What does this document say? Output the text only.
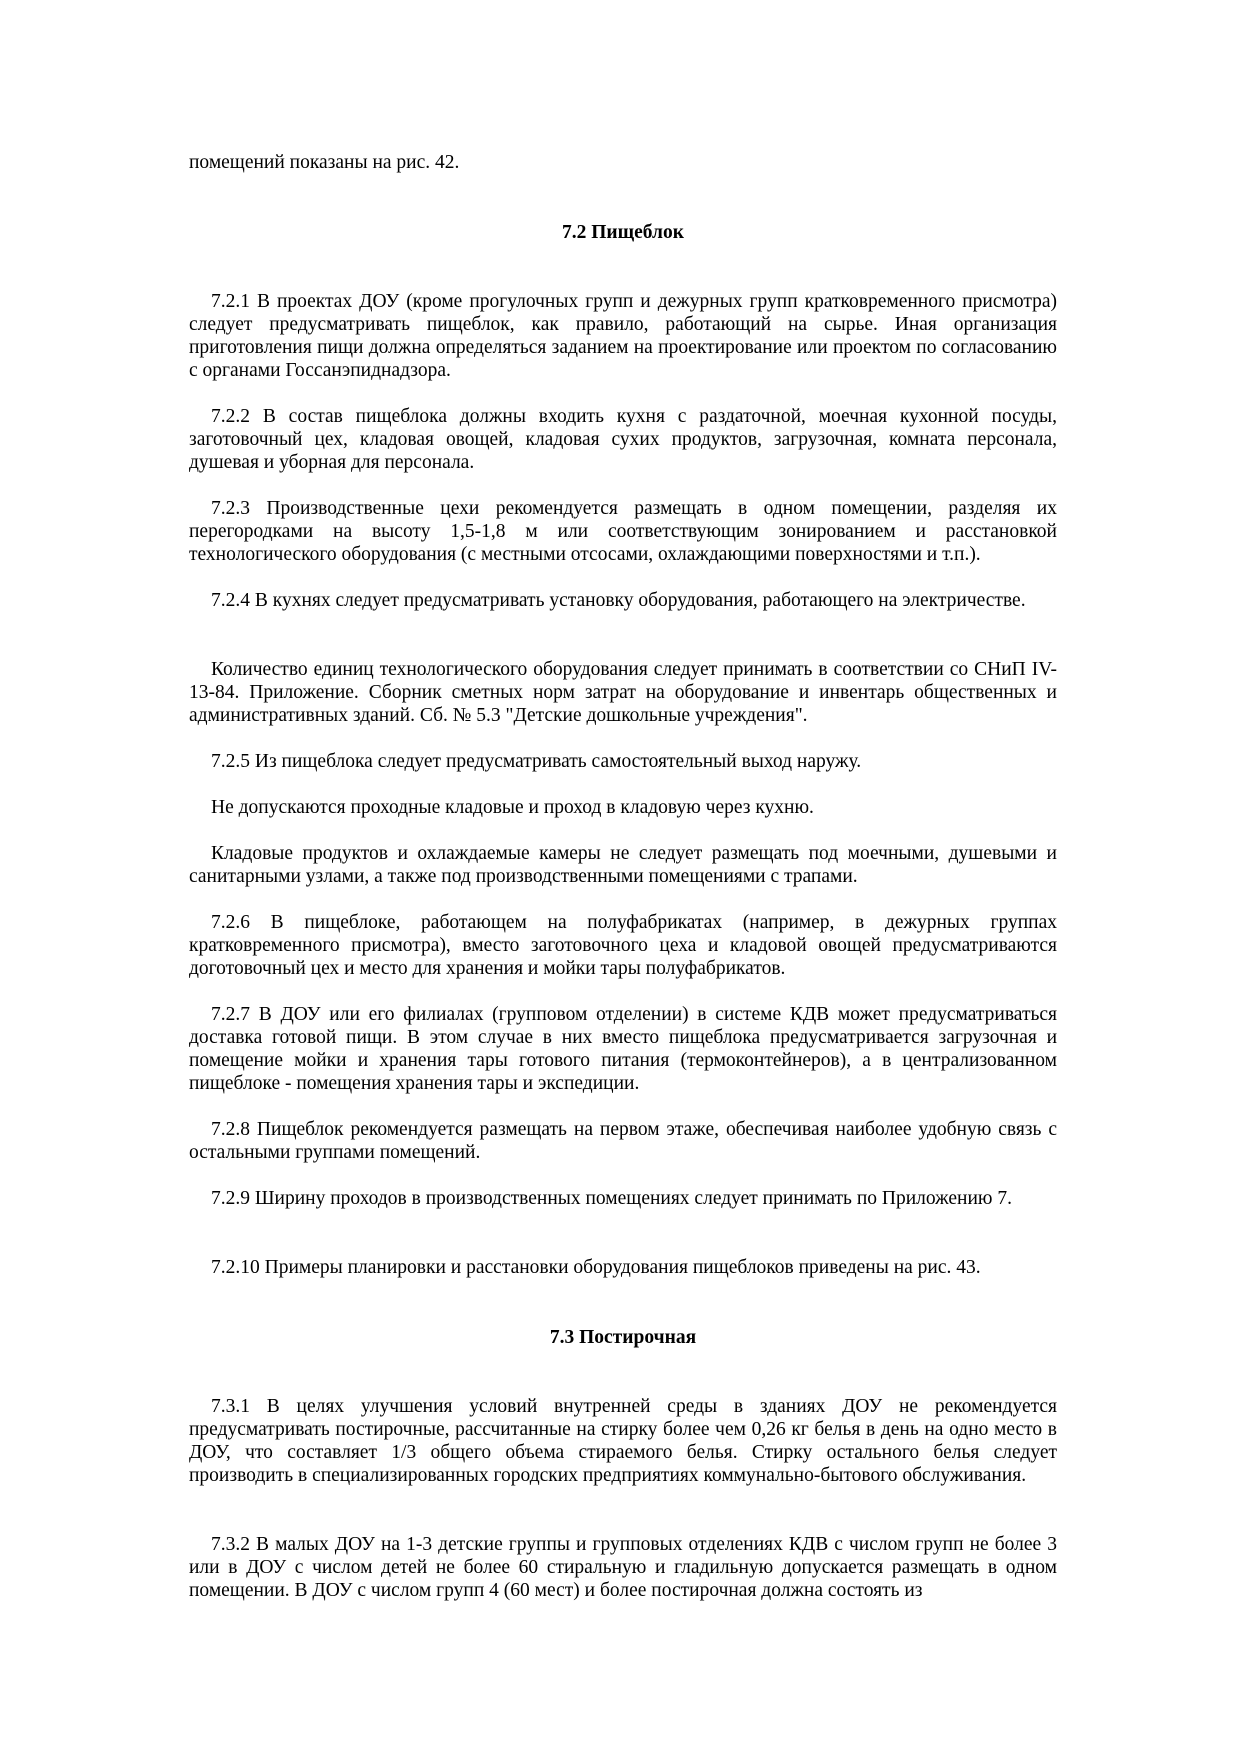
помещений показаны на рис. 42.

7.2 Пищеблок

7.2.1 В проектах ДОУ (кроме прогулочных групп и дежурных групп кратковременного присмотра) следует предусматривать пищеблок, как правило, работающий на сырье. Иная организация приготовления пищи должна определяться заданием на проектирование или проектом по согласованию с органами Госсанэпиднадзора.

7.2.2 В состав пищеблока должны входить кухня с раздаточной, моечная кухонной посуды, заготовочный цех, кладовая овощей, кладовая сухих продуктов, загрузочная, комната персонала, душевая и уборная для персонала.

7.2.3 Производственные цехи рекомендуется размещать в одном помещении, разделяя их перегородками на высоту 1,5-1,8 м или соответствующим зонированием и расстановкой технологического оборудования (с местными отсосами, охлаждающими поверхностями и т.п.).

7.2.4 В кухнях следует предусматривать установку оборудования, работающего на электричестве.

Количество единиц технологического оборудования следует принимать в соответствии со СНиП IV-13-84. Приложение. Сборник сметных норм затрат на оборудование и инвентарь общественных и административных зданий. Сб. № 5.3 "Детские дошкольные учреждения".

7.2.5 Из пищеблока следует предусматривать самостоятельный выход наружу.

Не допускаются проходные кладовые и проход в кладовую через кухню.

Кладовые продуктов и охлаждаемые камеры не следует размещать под моечными, душевыми и санитарными узлами, а также под производственными помещениями с трапами.

7.2.6 В пищеблоке, работающем на полуфабрикатах (например, в дежурных группах кратковременного присмотра), вместо заготовочного цеха и кладовой овощей предусматриваются доготовочный цех и место для хранения и мойки тары полуфабрикатов.

7.2.7 В ДОУ или его филиалах (групповом отделении) в системе КДВ может предусматриваться доставка готовой пищи. В этом случае в них вместо пищеблока предусматривается загрузочная и помещение мойки и хранения тары готового питания (термоконтейнеров), а в централизованном пищеблоке - помещения хранения тары и экспедиции.

7.2.8 Пищеблок рекомендуется размещать на первом этаже, обеспечивая наиболее удобную связь с остальными группами помещений.

7.2.9 Ширину проходов в производственных помещениях следует принимать по Приложению 7.

7.2.10 Примеры планировки и расстановки оборудования пищеблоков приведены на рис. 43.

7.3 Постирочная

7.3.1 В целях улучшения условий внутренней среды в зданиях ДОУ не рекомендуется предусматривать постирочные, рассчитанные на стирку более чем 0,26 кг белья в день на одно место в ДОУ, что составляет 1/3 общего объема стираемого белья. Стирку остального белья следует производить в специализированных городских предприятиях коммунально-бытового обслуживания.

7.3.2 В малых ДОУ на 1-3 детские группы и групповых отделениях КДВ с числом групп не более 3 или в ДОУ с числом детей не более 60 стиральную и гладильную допускается размещать в одном помещении. В ДОУ с числом групп 4 (60 мест) и более постирочная должна состоять из
